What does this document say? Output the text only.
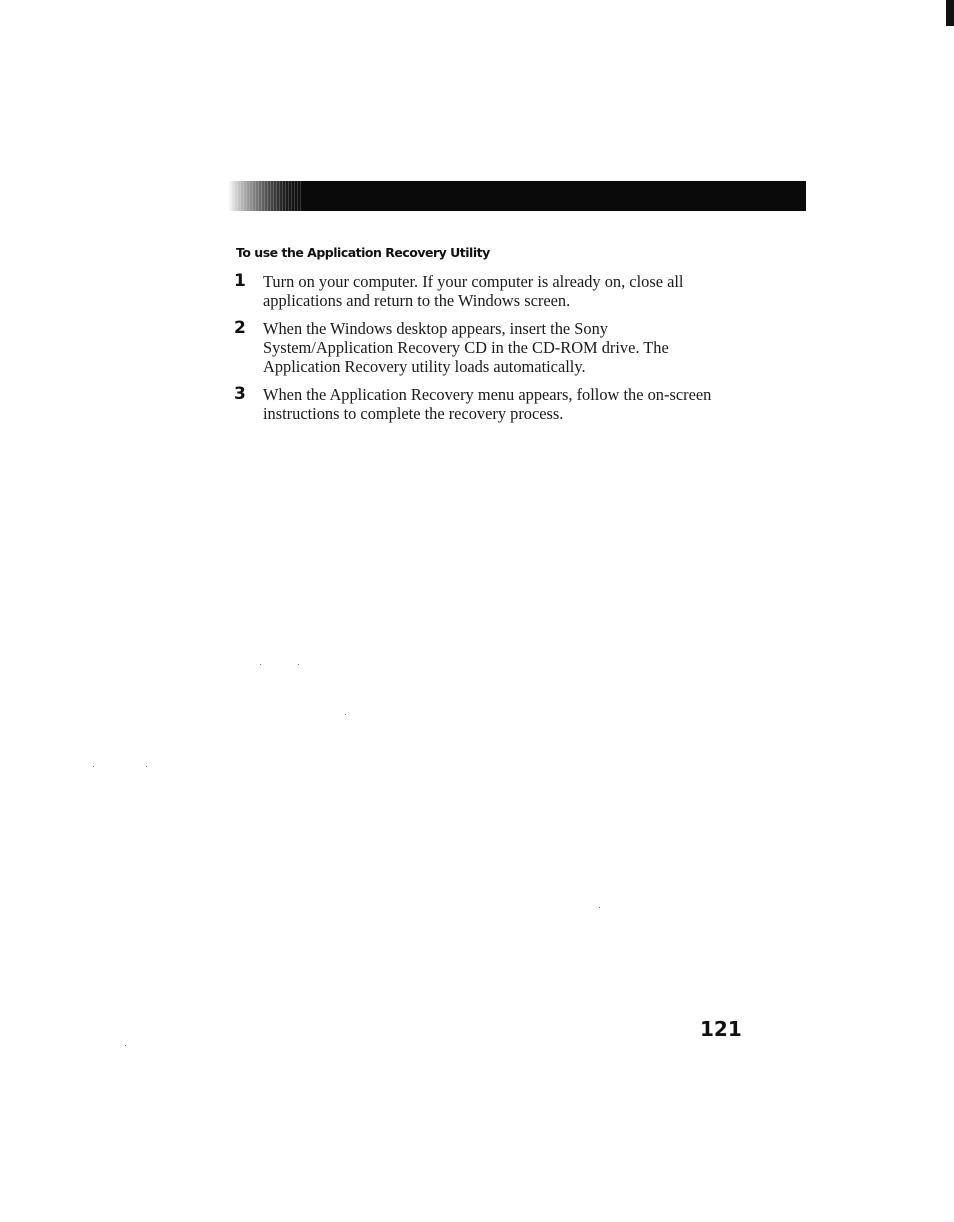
To use the Application Recovery Utility
1 Turn on your computer. If your computer is already on, close all applications and return to the Windows screen.
2 When the Windows desktop appears, insert the Sony System/Application Recovery CD in the CD-ROM drive. The Application Recovery utility loads automatically.
3 When the Application Recovery menu appears, follow the on-screen instructions to complete the recovery process.
121
